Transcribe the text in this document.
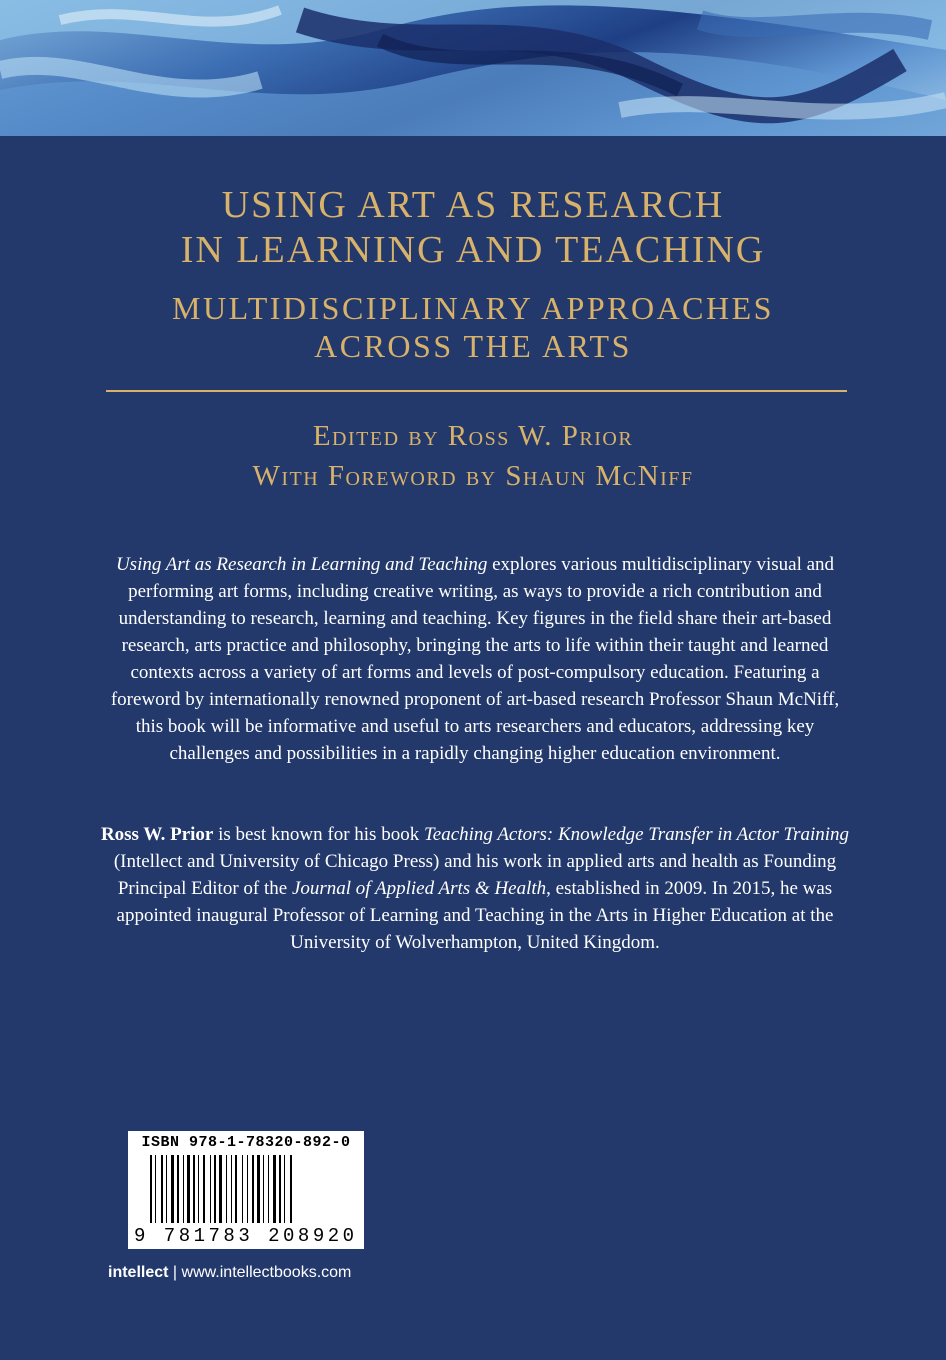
USING ART AS RESEARCH
IN LEARNING AND TEACHING
MULTIDISCIPLINARY APPROACHES
ACROSS THE ARTS
Edited by Ross W. Prior
With Foreword by Shaun McNiff

Using Art as Research in Learning and Teaching explores various multidisciplinary visual and performing art forms, including creative writing, as ways to provide a rich contribution and understanding to research, learning and teaching. Key figures in the field share their art-based research, arts practice and philosophy, bringing the arts to life within their taught and learned contexts across a variety of art forms and levels of post-compulsory education. Featuring a foreword by internationally renowned proponent of art-based research Professor Shaun McNiff, this book will be informative and useful to arts researchers and educators, addressing key challenges and possibilities in a rapidly changing higher education environment.

Ross W. Prior is best known for his book Teaching Actors: Knowledge Transfer in Actor Training (Intellect and University of Chicago Press) and his work in applied arts and health as Founding Principal Editor of the Journal of Applied Arts & Health, established in 2009. In 2015, he was appointed inaugural Professor of Learning and Teaching in the Arts in Higher Education at the University of Wolverhampton, United Kingdom.

ISBN 978-1-78320-892-0
9 781783 208920
intellect | www.intellectbooks.com
